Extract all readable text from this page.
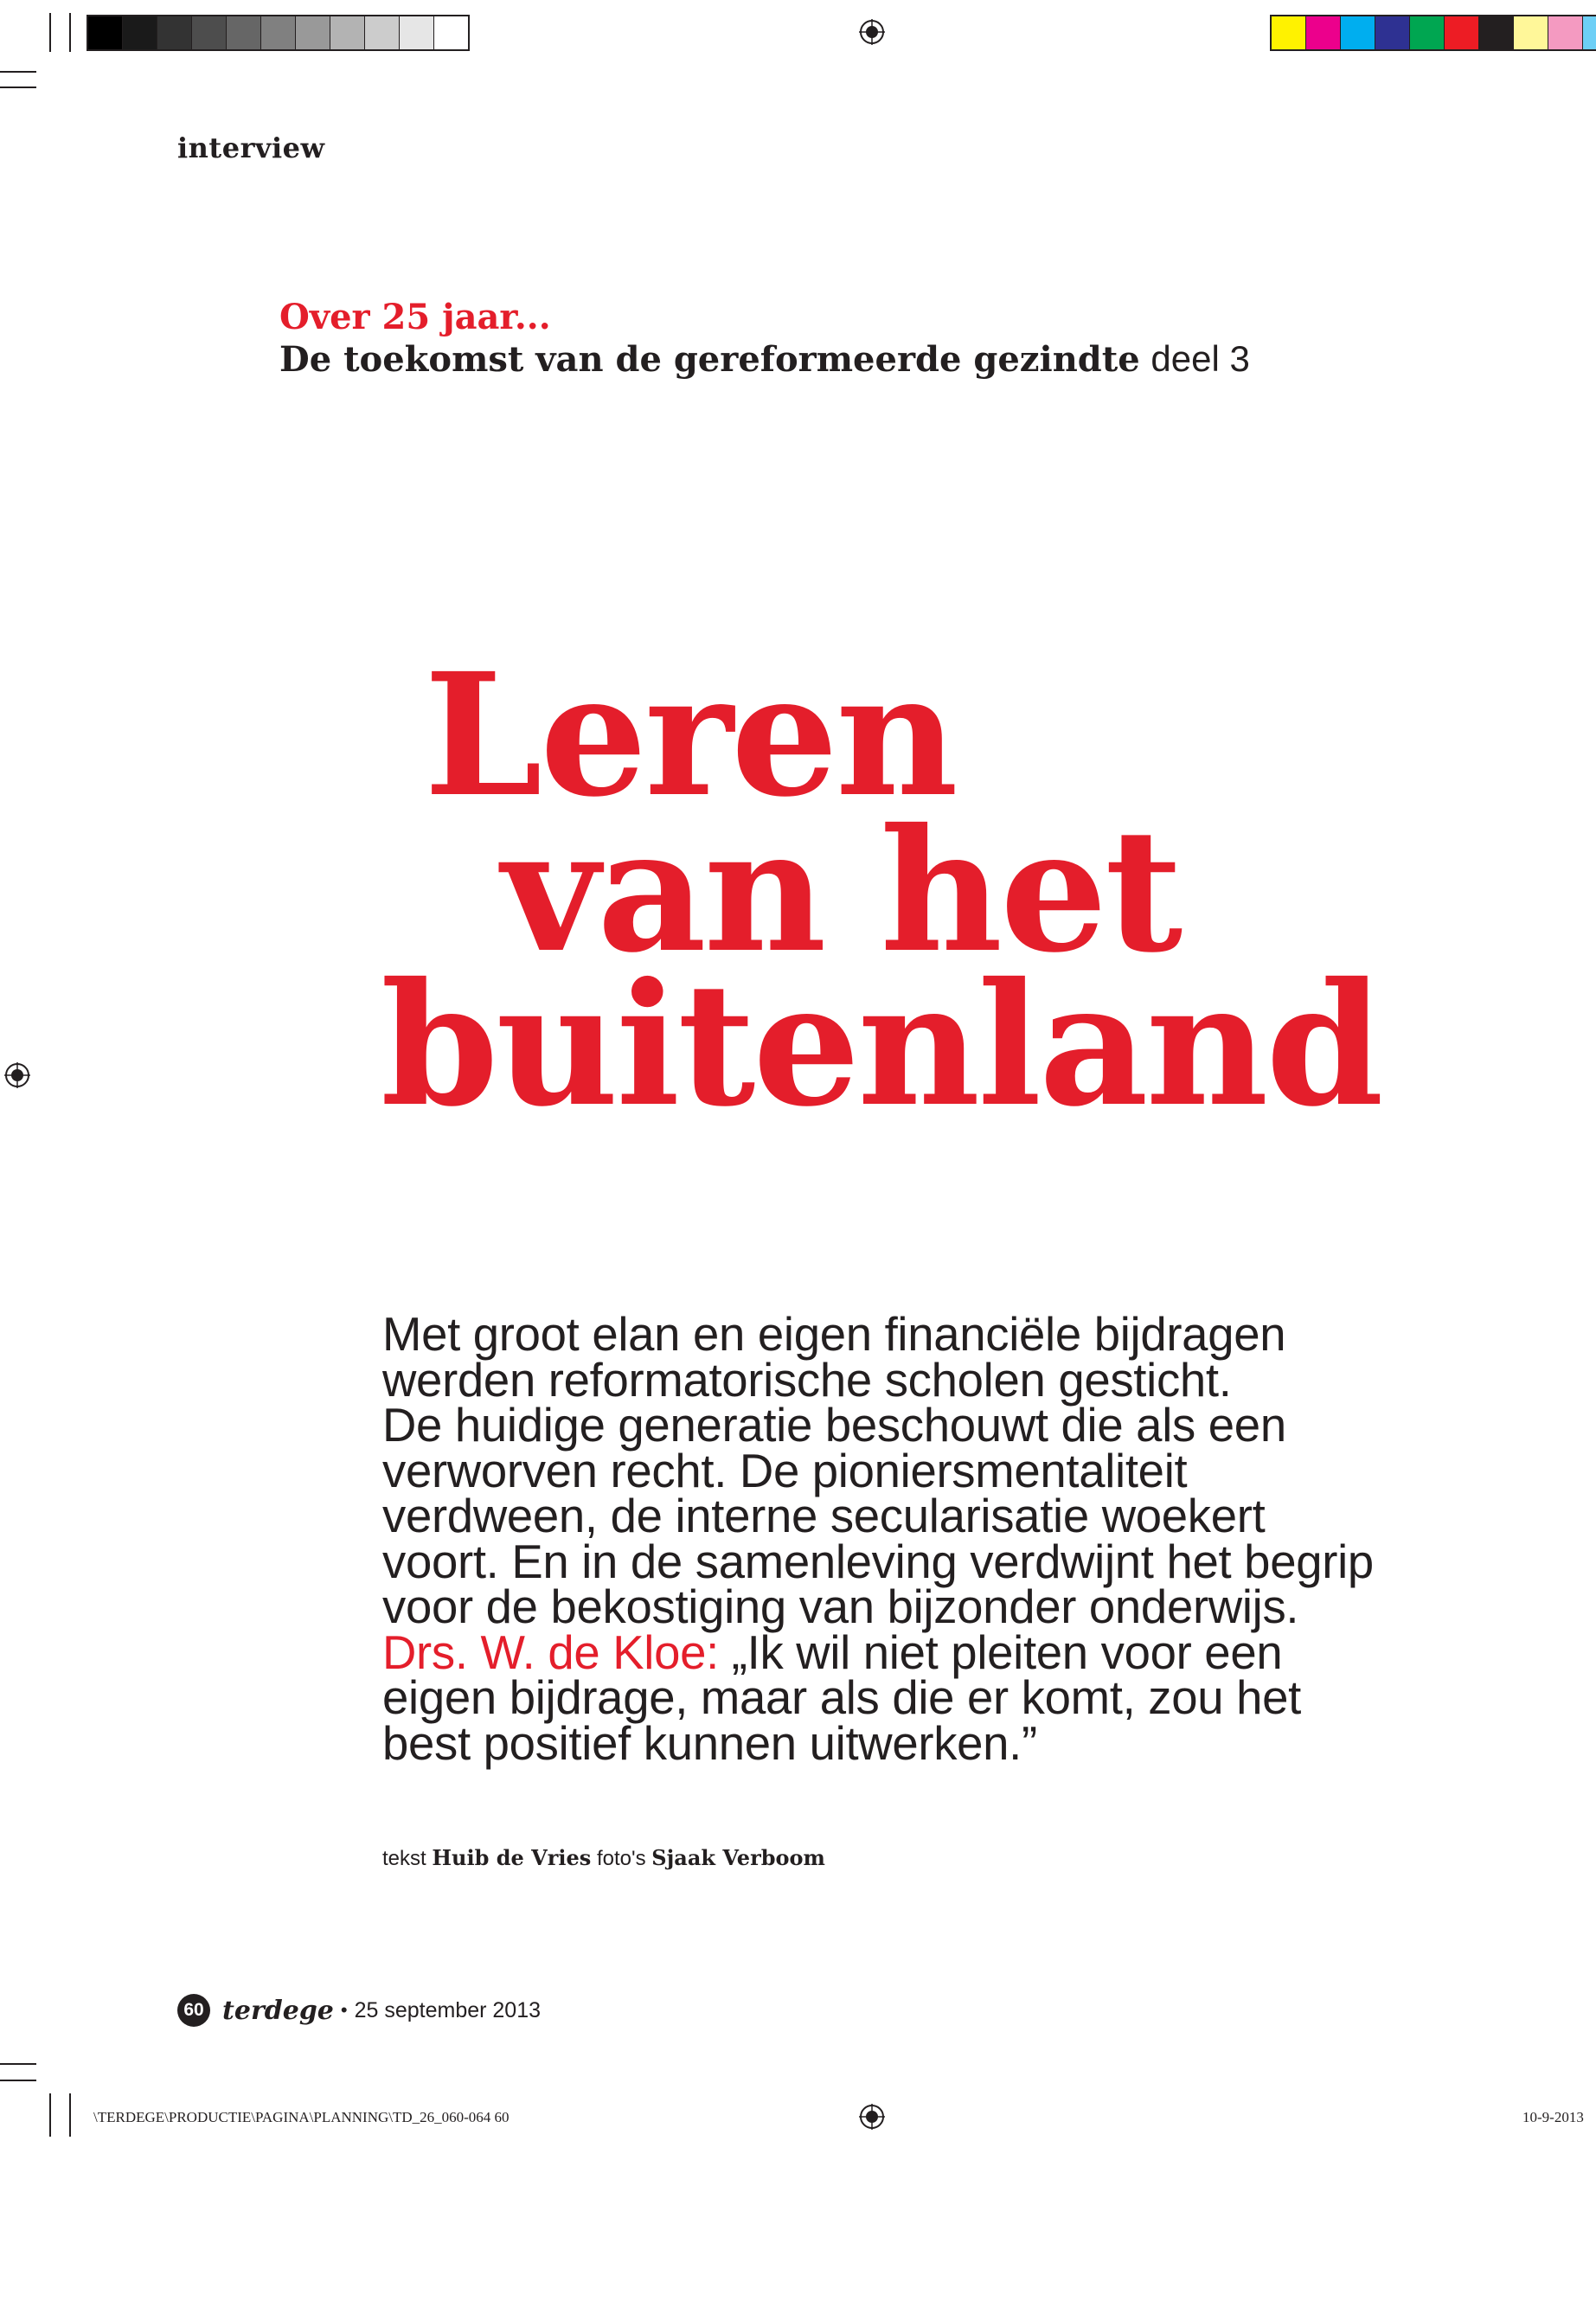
interview
Over 25 jaar...
De toekomst van de gereformeerde gezindte deel 3
Leren
van het
buitenland
Met groot elan en eigen financiële bijdragen
werden reformatorische scholen gesticht.
De huidige generatie beschouwt die als een
verworven recht. De pioniersmentaliteit
verdween, de interne secularisatie woekert
voort. En in de samenleving verdwijnt het begrip
voor de bekostiging van bijzonder onderwijs.
Drs. W. de Kloe: „Ik wil niet pleiten voor een
eigen bijdrage, maar als die er komt, zou het
best positief kunnen uitwerken.”
tekst Huib de Vries foto's Sjaak Verboom
60 terdege • 25 september 2013
\TERDEGE\PRODUCTIE\PAGINA\PLANNING\TD_26_060-064 60	10-9-2013
